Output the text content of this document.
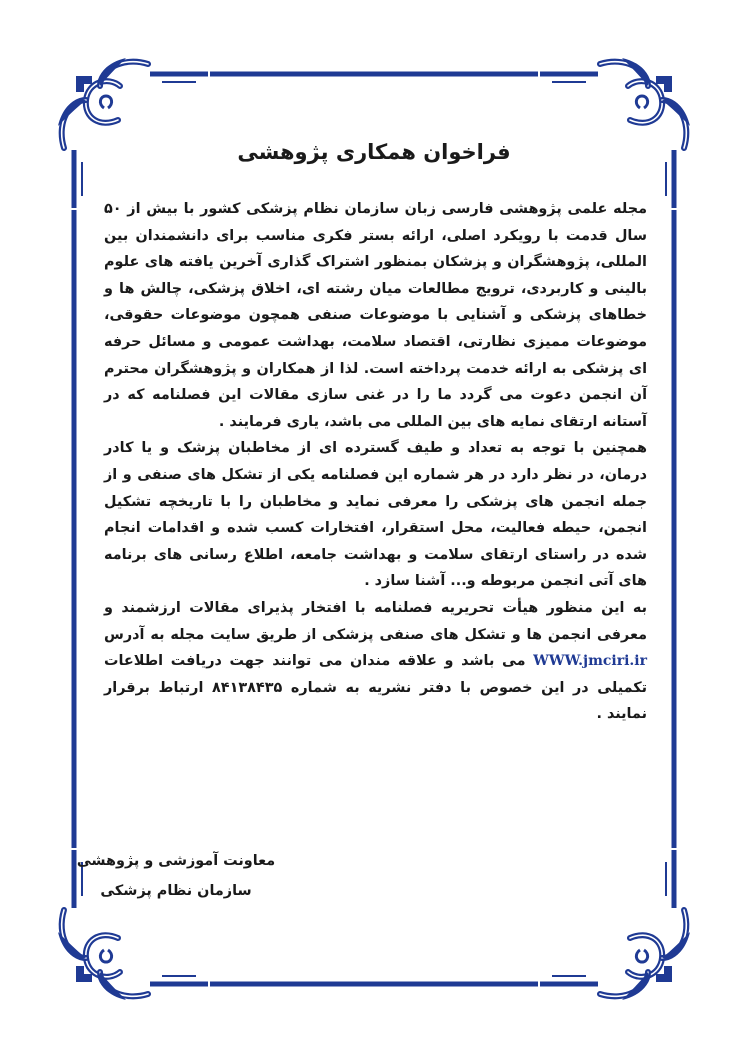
فراخوان همکاری پژوهشی

مجله علمی پژوهشی فارسی زبان سازمان نظام پزشکی کشور با بیش از ۵۰ سال قدمت با رویکرد اصلی، ارائه بستر فکری مناسب برای دانشمندان بین المللی، پژوهشگران و پزشکان بمنظور اشتراک گذاری آخرین یافته های علوم بالینی و کاربردی، ترویج مطالعات میان رشته ای، اخلاق پزشکی، چالش ها و خطاهای پزشکی و آشنایی با موضوعات صنفی همچون موضوعات حقوقی، موضوعات ممیزی نظارتی، اقتصاد سلامت، بهداشت عمومی و مسائل حرفه ای پزشکی به ارائه خدمت پرداخته است. لذا از همکاران و پژوهشگران محترم آن انجمن دعوت می گردد ما را در غنی سازی مقالات این فصلنامه که در آستانه ارتقای نمایه های بین المللی می باشد، یاری فرمایند .

همچنین با توجه به تعداد و طیف گسترده ای از مخاطبان پزشک و یا کادر درمان، در نظر دارد در هر شماره این فصلنامه یکی از تشکل های صنفی و از جمله انجمن های پزشکی را معرفی نماید و مخاطبان را با تاریخچه تشکیل انجمن، حیطه فعالیت، محل استقرار، افتخارات کسب شده و اقدامات انجام شده در راستای ارتقای سلامت و بهداشت جامعه، اطلاع رسانی های برنامه های آتی انجمن مربوطه و... آشنا سازد .

به این منظور هیأت تحریریه فصلنامه با افتخار پذیرای مقالات ارزشمند و معرفی انجمن ها و تشکل های صنفی پزشکی از طریق سایت مجله به آدرس WWW.jmciri.ir می باشد و علاقه مندان می توانند جهت دریافت اطلاعات تکمیلی در این خصوص با دفتر نشریه به شماره ۸۴۱۳۸۴۳۵ ارتباط برقرار نمایند .

معاونت آموزشی و پژوهشی
سازمان نظام پزشکی
